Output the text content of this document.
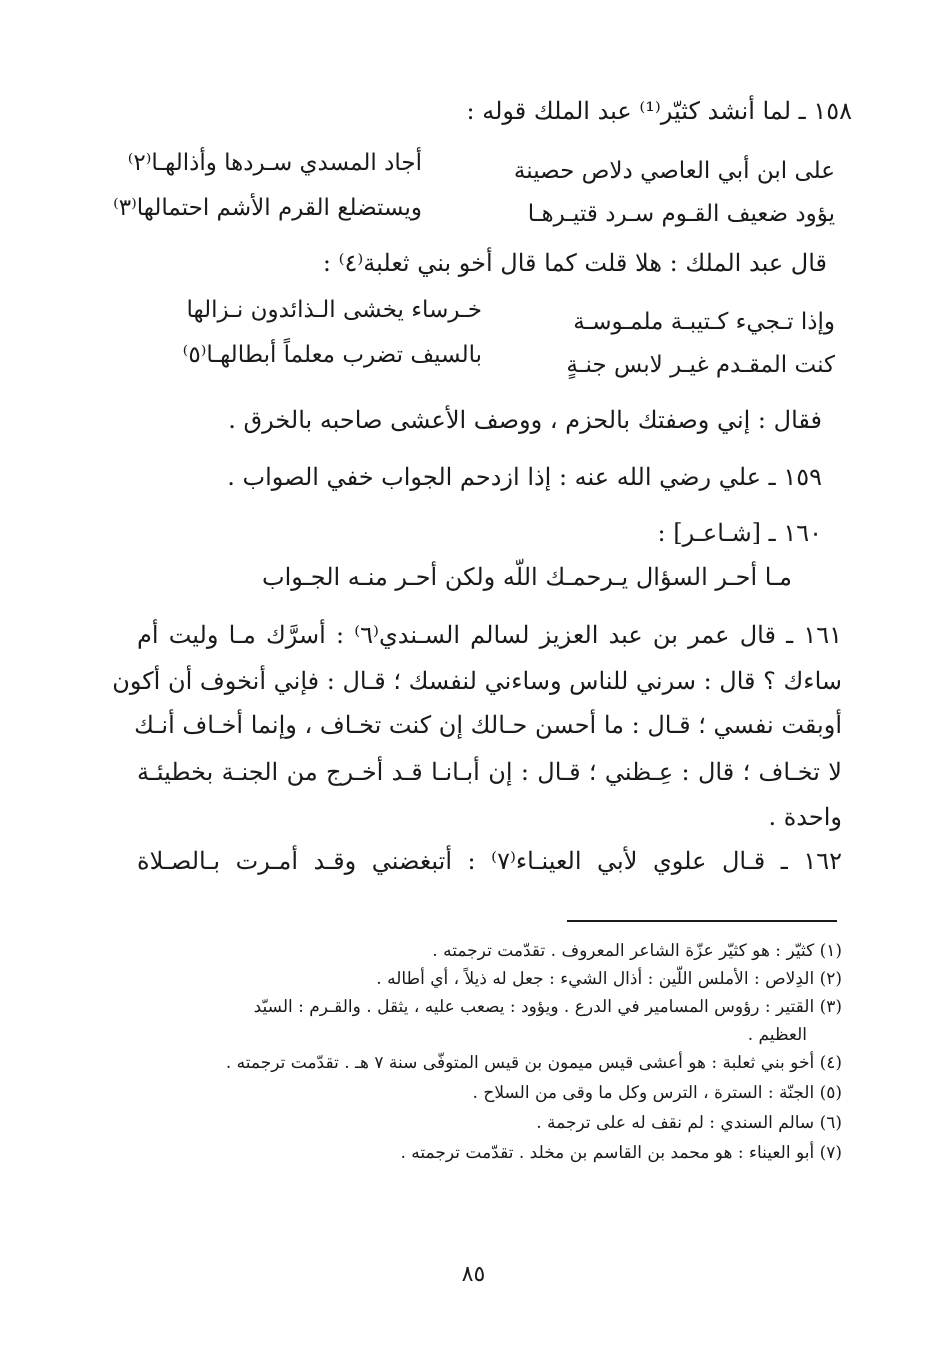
١٥٨ ـ لما أنشد كثيّر⁽¹⁾ عبد الملك قوله :
على ابن أبي العاصي دلاص حصينة
أجاد المسدي سـردها وأذالهـا⁽٢⁾
يؤود ضعيف القـوم سـرد قتيـرهـا
ويستضلع القرم الأشم احتمالها⁽٣⁾
قال عبد الملك : هلا قلت كما قال أخو بني ثعلبة⁽٤⁾ :
وإذا تـجيء كـتيبـة ملمـوسـة
خـرساء يخشى الـذائدون نـزالها
كنت المقـدم غيـر لابس جنـةٍ
بالسيف تضرب معلماً أبطالهـا⁽٥⁾
فقال : إني وصفتك بالحزم ، ووصف الأعشى صاحبه بالخرق .
١٥٩ ـ علي رضي الله عنه : إذا ازدحم الجواب خفي الصواب .
١٦٠ ـ [شـاعـر] :
مـا أحـر السؤال يـرحمـك اللّه ولكن أحـر منـه الجـواب
١٦١ ـ قال عمر بن عبد العزيز لسالم السـندي⁽٦⁾ : أسرَّك مـا وليت أم
ساءك ؟ قال : سرني للناس وساءني لنفسك ؛ قـال : فإني أنخوف أن أكون
أوبقت نفسي ؛ قـال : ما أحسن حـالك إن كنت تخـاف ، وإنما أخـاف أنـك
لا تخـاف ؛ قال : عِـظني ؛ قـال : إن أبـانـا قـد أخـرج من الجنـة بخطيئـة
واحدة .
١٦٢ ـ قـال علوي لأبي العينـاء⁽٧⁾ : أتبغضني وقـد أمـرت بـالصـلاة
(١) كثيّر : هو كثيّر عزّة الشاعر المعروف . تقدّمت ترجمته .
(٢) الدِلاص : الأملس اللّين : أذال الشيء : جعل له ذيلاً ، أي أطاله .
(٣) القتير : رؤوس المسامير في الدرع . ويؤود : يصعب عليه ، يثقل . والقـرم : السيّد
العظيم .
(٤) أخو بني ثعلبة : هو أعشى قيس ميمون بن قيس المتوفّى سنة ٧ هـ . تقدّمت ترجمته .
(٥) الجنّة : السترة ، الترس وكل ما وقى من السلاح .
(٦) سالم السندي : لم نقف له على ترجمة .
(٧) أبو العيناء : هو محمد بن القاسم بن مخلد . تقدّمت ترجمته .
٨٥
